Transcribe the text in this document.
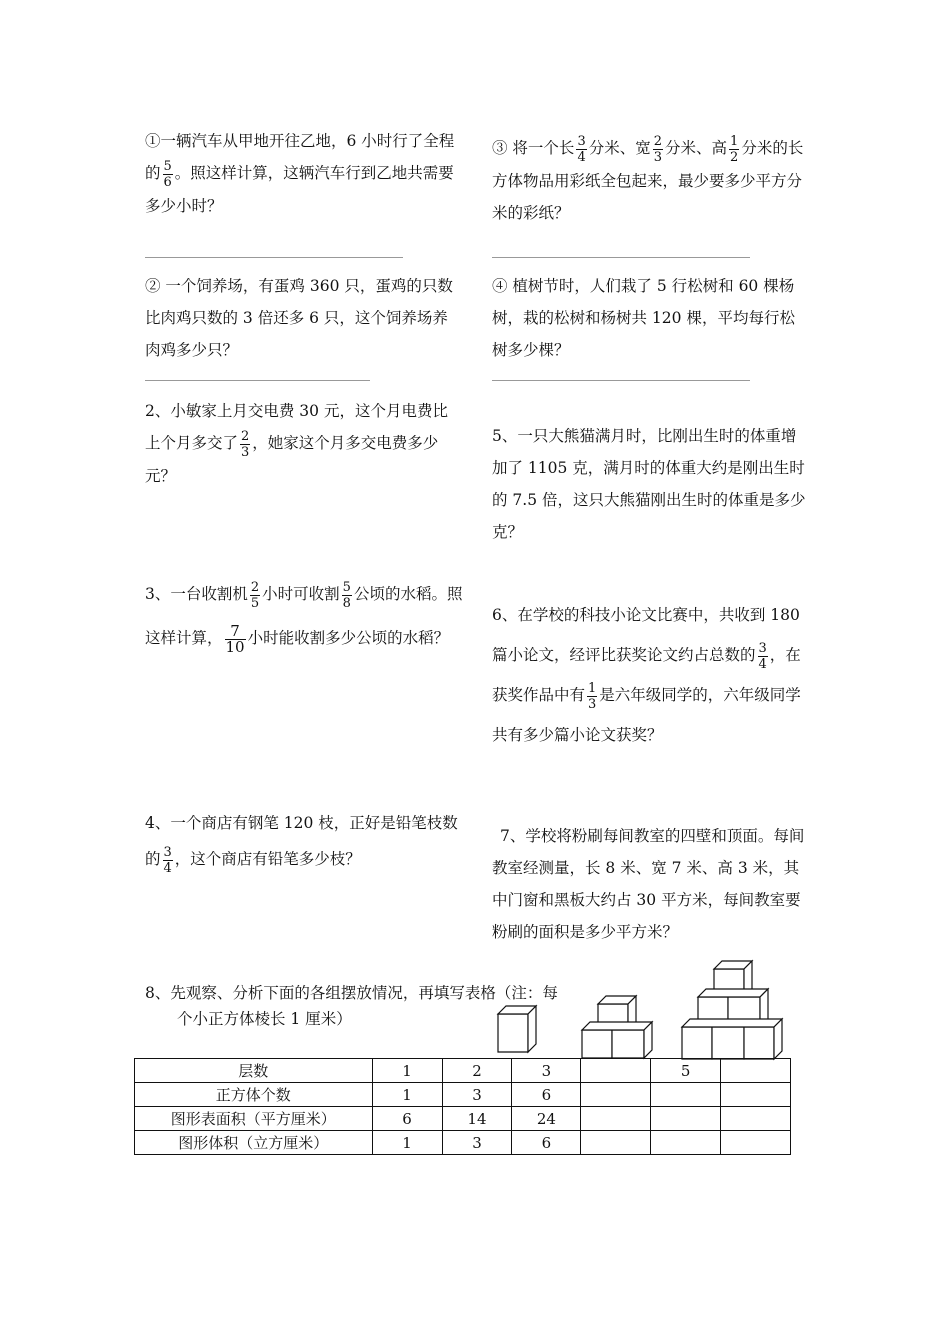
①一辆汽车从甲地开往乙地，6 小时行了全程的 $\frac{5}{6}$ 。照这样计算，这辆汽车行到乙地共需要多少小时？
③ 将一个长 $\frac{3}{4}$ 分米、宽 $\frac{2}{3}$ 分米、高 $\frac{1}{2}$ 分米的长方体物品用彩纸全包起来，最少要多少平方分米的彩纸？
② 一个饲养场，有蛋鸡 360 只，蛋鸡的只数比肉鸡只数的 3 倍还多 6 只，这个饲养场养肉鸡多少只？
④ 植树节时，人们栽了 5 行松树和 60 棵杨树，栽的松树和杨树共 120 棵，平均每行松树多少棵？
2、小敏家上月交电费 30 元，这个月电费比上个月多交了 $\frac{2}{3}$ ，她家这个月多交电费多少元？
5、一只大熊猫满月时，比刚出生时的体重增加了 1105 克，满月时的体重大约是刚出生时的 7.5 倍，这只大熊猫刚出生时的体重是多少克？
3、一台收割机 $\frac{2}{5}$ 小时可收割 $\frac{5}{8}$ 公顷的水稻。照这样计算， $\frac{7}{10}$ 小时能收割多少公顷的水稻？
6、在学校的科技小论文比赛中，共收到 180 篇小论文，经评比获奖论文约占总数的 $\frac{3}{4}$ ，在获奖作品中有 $\frac{1}{3}$ 是六年级同学的，六年级同学共有多少篇小论文获奖？
4、一个商店有钢笔 120 枝，正好是铅笔枝数的 $\frac{3}{4}$ ，这个商店有铅笔多少枝？
7、学校将粉刷每间教室的四壁和顶面。每间教室经测量，长 8 米、宽 7 米、高 3 米，其中门窗和黑板大约占 30 平方米，每间教室要粉刷的面积是多少平方米？
8、先观察、分析下面的各组摆放情况，再填写表格（注：每
个小正方体棱长 1 厘米）
层数	1	2	3		5	
正方体个数	1	3	6			
图形表面积（平方厘米）	6	14	24			
图形体积（立方厘米）	1	3	6			
